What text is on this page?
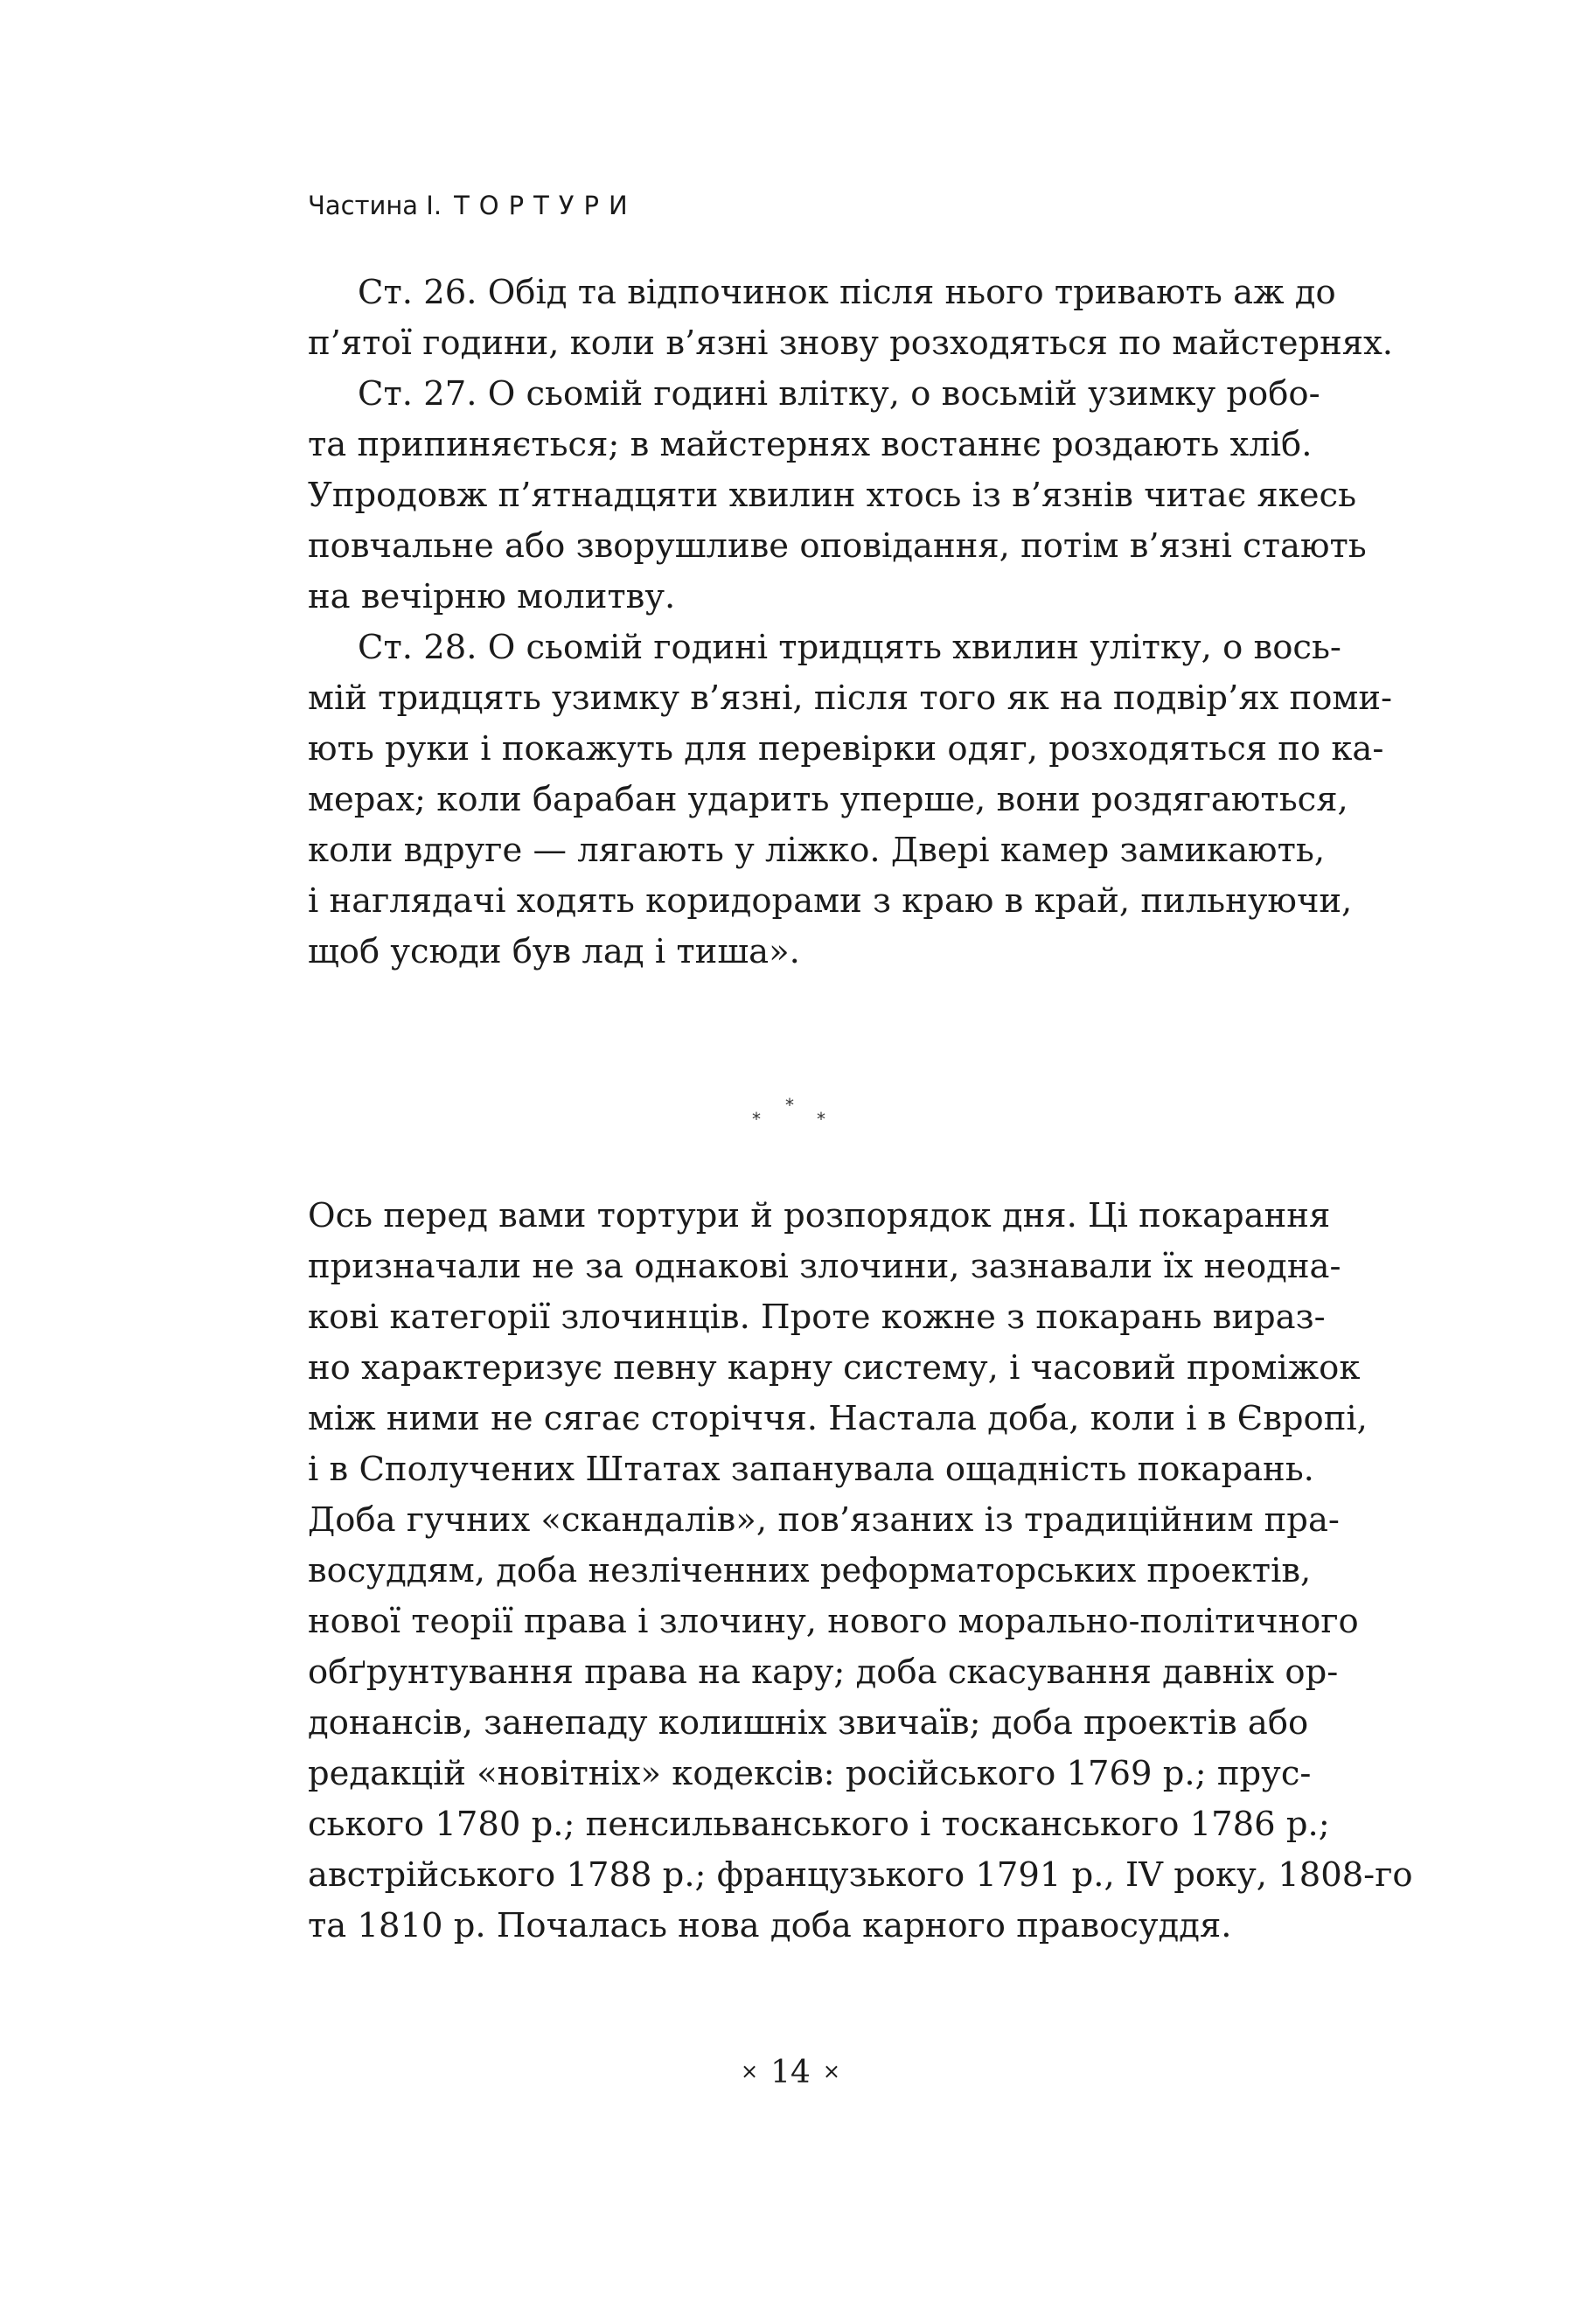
Частина I. ТОРТУРИ
Ст. 26. Обід та відпочинок після нього тривають аж до
п’ятої години, коли в’язні знову розходяться по майстернях.
Ст. 27. О сьомій годині влітку, о восьмій узимку робо-
та припиняється; в майстернях востаннє роздають хліб.
Упродовж п’ятнадцяти хвилин хтось із в’язнів читає якесь
повчальне або зворушливе оповідання, потім в’язні стають
на вечірню молитву.
Ст. 28. О сьомій годині тридцять хвилин улітку, о вось-
мій тридцять узимку в’язні, після того як на подвір’ях поми-
ють руки і покажуть для перевірки одяг, розходяться по ка-
мерах; коли барабан ударить уперше, вони роздягаються,
коли вдруге — лягають у ліжко. Двері камер замикають,
і наглядачі ходять коридорами з краю в край, пильнуючи,
щоб усюди був лад і тиша».
*
*
*
Ось перед вами тортури й розпорядок дня. Ці покарання
призначали не за однакові злочини, зазнавали їх неодна-
кові категорії злочинців. Проте кожне з покарань вираз-
но характеризує певну карну систему, і часовий проміжок
між ними не сягає сторіччя. Настала доба, коли і в Європі,
і в Сполучених Штатах запанувала ощадність покарань.
Доба гучних «скандалів», пов’язаних із традиційним пра-
восуддям, доба незліченних реформаторських проектів,
нової теорії права і злочину, нового морально-політичного
обґрунтування права на кару; доба скасування давніх ор-
донансів, занепаду колишніх звичаїв; доба проектів або
редакцій «новітніх» кодексів: російського 1769 р.; прус-
ського 1780 р.; пенсильванського і тосканського 1786 р.;
австрійського 1788 р.; французького 1791 р., IV року, 1808-го
та 1810 р. Почалась нова доба карного правосуддя.
× 14 ×
